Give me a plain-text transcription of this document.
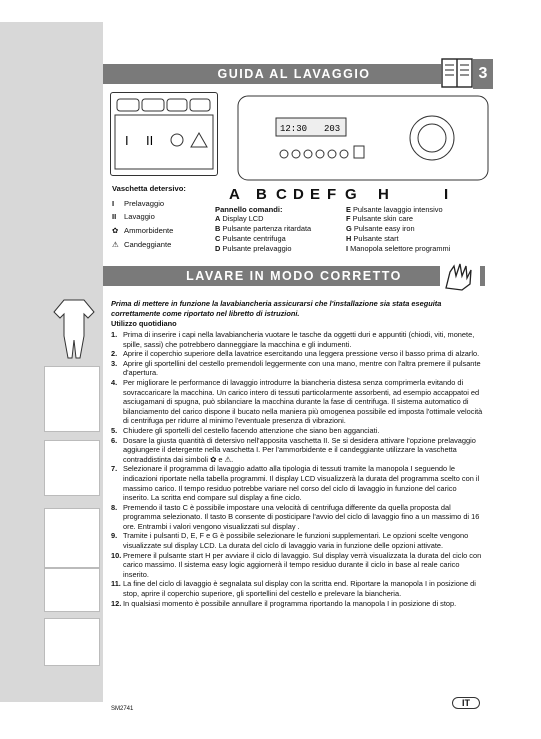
GUIDA AL LAVAGGIO	3
I II
Vaschetta detersivo:
I	Prelavaggio
II	Lavaggio
✿ Ammorbidente
⚠ Candeggiante
12:30 203
A B C D E F G H	I
Pannello comandi:
A Display LCD
B Pulsante partenza ritardata
C Pulsante centrifuga
D Pulsante prelavaggio
E Pulsante lavaggio intensivo
F Pulsante skin care
G Pulsante easy iron
H Pulsante start
I Manopola selettore programmi
LAVARE IN MODO CORRETTO
Prima di mettere in funzione la lavabiancheria assicurarsi che l'installazione sia stata eseguita correttamente come riportato nel libretto di istruzioni.
Utilizzo quotidiano
1. Prima di inserire i capi nella lavabiancheria vuotare le tasche da oggetti duri e appuntiti (chiodi, viti, monete, spille, sassi) che potrebbero danneggiare la macchina e gli indumenti.
2. Aprire il coperchio superiore della lavatrice esercitando una leggera pressione verso il basso prima di alzarlo.
3. Aprire gli sportellini del cestello premendoli leggermente con una mano, mentre con l'altra premere il pulsante d'apertura.
4. Per migliorare le performance di lavaggio introdurre la biancheria distesa senza comprimerla evitando di sovraccaricare la macchina. Un carico intero di tessuti particolarmente assorbenti, ad esempio accappatoi ed asciugamani di spugna, può sbilanciare la macchina durante la fase di centrifuga. Il sistema automatico di bilanciamento del carico dispone il bucato nella maniera più omogenea possibile ed imposta l'ottimale velocità di centrifuga per ridurre al minimo l'eventuale presenza di vibrazioni.
5. Chiudere gli sportelli del cestello facendo attenzione che siano ben agganciati.
6. Dosare la giusta quantità di detersivo nell'apposita vaschetta II. Se si desidera attivare l'opzione prelavaggio aggiungere il detergente nella vaschetta I. Per l'ammorbidente e il candeggiante utilizzare la vaschetta contraddistinta dai simboli ✿ e ⚠.
7. Selezionare il programma di lavaggio adatto alla tipologia di tessuti tramite la manopola I seguendo le indicazioni riportate nella tabella programmi. Il display LCD visualizzerà la durata del programma scelto con il massimo carico. Il tempo residuo potrebbe variare nel corso del ciclo di lavaggio in funzione del carico inserito. La scritta end compare sul display a fine ciclo.
8. Premendo il tasto C è possibile impostare una velocità di centrifuga differente da quella proposta dal programma selezionato. Il tasto B consente di posticipare l'avvio del ciclo di lavaggio fino a un massimo di 16 ore. Entrambi i valori vengono visualizzati sul display .
9. Tramite i pulsanti D, E, F e G è possibile selezionare le funzioni supplementari. Le opzioni scelte vengono visualizzate sul display LCD. La durata del ciclo di lavaggio varia in funzione delle opzioni attivate.
10. Premere il pulsante start H per avviare il ciclo di lavaggio. Sul display verrà visualizzata la durata del ciclo con carico massimo. Il sistema easy logic aggiornerà il tempo residuo durante il ciclo in base al reale carico inserito.
11. La fine del ciclo di lavaggio è segnalata sul display con la scritta end. Riportare la manopola I in posizione di stop, aprire il coperchio superiore, gli sportellini del cestello e prelevare la biancheria.
12. In qualsiasi momento è possibile annullare il programma riportando la manopola I in posizione di stop.
SM2741
IT
